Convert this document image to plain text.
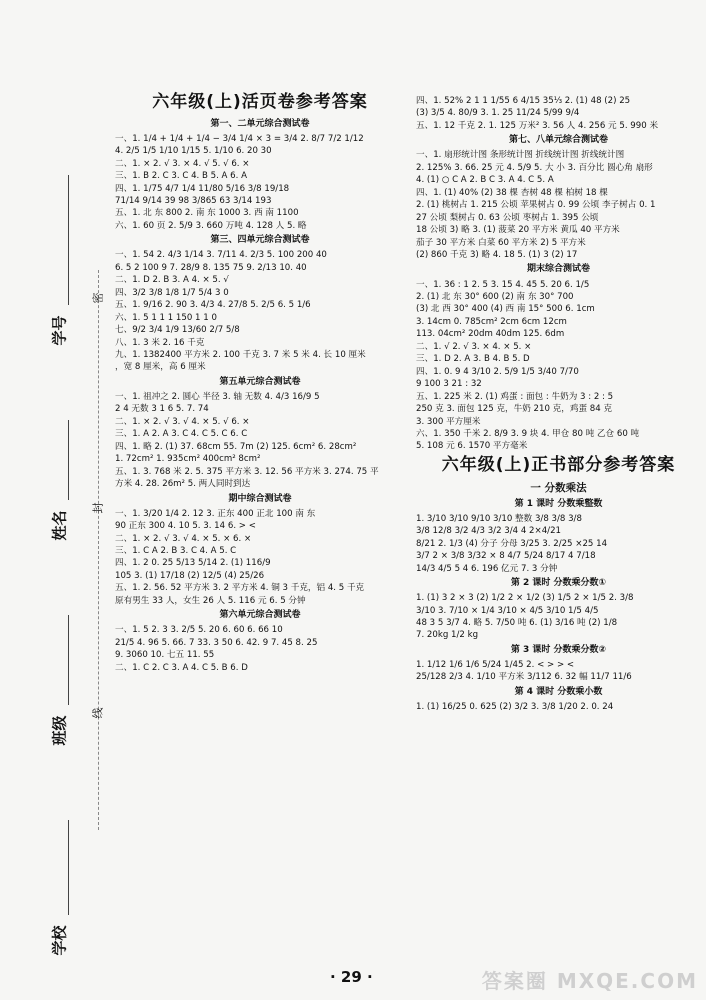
学号
姓名
班级
学校
密
封
线
六年级(上)活页卷参考答案
第一、二单元综合测试卷
一、1. 1/4 + 1/4 + 1/4 − 3/4 1/4 × 3 = 3/4 2. 8/7 7/2 1/12
4. 2/5 1/5 1/10 1/15 5. 1/10 6. 20 30
二、1. × 2. √ 3. × 4. √ 5. √ 6. ×
三、1. B 2. C 3. C 4. B 5. A 6. A
四、1. 1/75 4/7 1/4 11/80 5/16 3/8 19/18
71/14 9/14 39 98 3/865 63 3/14 193
五、1. 北 东 800 2. 南 东 1000 3. 西 南 1100
六、1. 60 页 2. 5/9 3. 660 万吨 4. 128 人 5. 略
第三、四单元综合测试卷
一、1. 54 2. 4/3 1/14 3. 7/11 4. 2/3 5. 100 200 40
6. 5 2 100 9 7. 28/9 8. 135 75 9. 2/13 10. 40
二、1. D 2. B 3. A 4. × 5. √
四、3/2 3/8 1/8 1/7 5/4 3 0
五、1. 9/16 2. 90 3. 4/3 4. 27/8 5. 2/5 6. 5 1/6
六、1. 5 1 1 1 150 1 1 0
七、9/2 3/4 1/9 13/60 2/7 5/8
八、1. 3 米 2. 16 千克
九、1. 1382400 平方米 2. 100 千克 3. 7 米 5 米 4. 长 10 厘米
，宽 8 厘米，高 6 厘米
第五单元综合测试卷
一、1. 祖冲之 2. 圆心 半径 3. 轴 无数 4. 4/3 16/9 5
2 4 无数 3 1 6 5. 7. 74
二、1. × 2. √ 3. √ 4. × 5. √ 6. ×
三、1. A 2. A 3. C 4. C 5. C 6. C
四、1. 略 2. (1) 37. 68cm 55. 7m (2) 125. 6cm² 6. 28cm²
1. 72cm² 1. 935cm² 400cm² 8cm²
五、1. 3. 768 米 2. 5. 375 平方米 3. 12. 56 平方米 3. 274. 75 平
方米 4. 28. 26m² 5. 两人同时到达
期中综合测试卷
一、1. 3/20 1/4 2. 12 3. 正东 400 正北 100 南 东
90 正东 300 4. 10 5. 3. 14 6. > <
二、1. × 2. √ 3. √ 4. × 5. × 6. ×
三、1. C A 2. B 3. C 4. A 5. C
四、1. 2 0. 25 5/13 5/14 2. (1) 116/9
105 3. (1) 17/18 (2) 12/5 (4) 25/26
五、1. 2. 56. 52 平方米 3. 2 平方米 4. 铜 3 千克，铝 4. 5 千克
原有男生 33 人，女生 26 人 5. 116 元 6. 5 分钟
第六单元综合测试卷
一、1. 5 2. 3 3. 2/5 5. 20 6. 60 6. 66 10
21/5 4. 96 5. 66. 7 33. 3 50 6. 42. 9 7. 45 8. 25
9. 3060 10. 七五 11. 55
二、1. C 2. C 3. A 4. C 5. B 6. D
四、1. 52% 2 1 1 1/55 6 4/15 35⅓ 2. (1) 48 (2) 25
(3) 3/5 4. 80/9 3. 1. 25 11/24 5/99 9/4
五、1. 12 千克 2. 1. 125 万米² 3. 56 人 4. 256 元 5. 990 米
第七、八单元综合测试卷
一、1. 扇形统计图 条形统计图 折线统计图 折线统计图
2. 125% 3. 66. 25 元 4. 5/9 5. 大 小 3. 百分比 圆心角 扇形
4. (1) ○ C A 2. B C 3. A 4. C 5. A
四、1. (1) 40% (2) 38 棵 杏树 48 棵 柏树 18 棵
2. (1) 桃树占 1. 215 公顷 苹果树占 0. 99 公顷 李子树占 0. 1
27 公顷 梨树占 0. 63 公顷 枣树占 1. 395 公顷
18 公顷 3) 略 3. (1) 菠菜 20 平方米 黄瓜 40 平方米
茄子 30 平方米 白菜 60 平方米 2) 5 平方米
(2) 860 千克 3) 略 4. 18 5. (1) 3 (2) 17
期末综合测试卷
一、1. 36 : 1 2. 5 3. 15 4. 45 5. 20 6. 1/5
2. (1) 北 东 30° 600 (2) 南 东 30° 700
(3) 北 西 30° 400 (4) 西 南 15° 500 6. 1cm
3. 14cm 0. 785cm² 2cm 6cm 12cm
113. 04cm² 20dm 40dm 125. 6dm
二、1. √ 2. √ 3. × 4. × 5. ×
三、1. D 2. A 3. B 4. B 5. D
四、1. 0. 9 4 3/10 2. 5/9 1/5 3/40 7/70
9 100 3 21 : 32
五、1. 225 米 2. (1) 鸡蛋 : 面包 : 牛奶为 3 : 2 : 5
250 克 3. 面包 125 克，牛奶 210 克，鸡蛋 84 克
3. 300 平方厘米
六、1. 350 千米 2. 8/9 3. 9 块 4. 甲仓 80 吨 乙仓 60 吨
5. 108 元 6. 1570 平方毫米
六年级(上)正书部分参考答案
一 分数乘法
第 1 课时 分数乘整数
1. 3/10 3/10 9/10 3/10 整数 3/8 3/8 3/8
3/8 12/8 3/2 4/3 3/2 3/4 4 2×4/21
8/21 2. 1/3 (4) 分子 分母 3/25 3. 2/25 ×25 14
3/7 2 × 3/8 3/32 × 8 4/7 5/24 8/17 4 7/18
14/3 4/5 5 4 6. 196 亿元 7. 3 分钟
第 2 课时 分数乘分数①
1. (1) 3 2 × 3 (2) 1/2 2 × 1/2 (3) 1/5 2 × 1/5 2. 3/8
3/10 3. 7/10 × 1/4 3/10 × 4/5 3/10 1/5 4/5
48 3 5 3/7 4. 略 5. 7/50 吨 6. (1) 3/16 吨 (2) 1/8
7. 20kg 1/2 kg
第 3 课时 分数乘分数②
1. 1/12 1/6 1/6 5/24 1/45 2. < > > <
25/128 2/3 4. 1/10 平方米 3/112 6. 32 幅 11/7 11/6
第 4 课时 分数乘小数
1. (1) 16/25 0. 625 (2) 3/2 3. 3/8 1/20 2. 0. 24
· 29 ·	答案圈 MXQE.COM
